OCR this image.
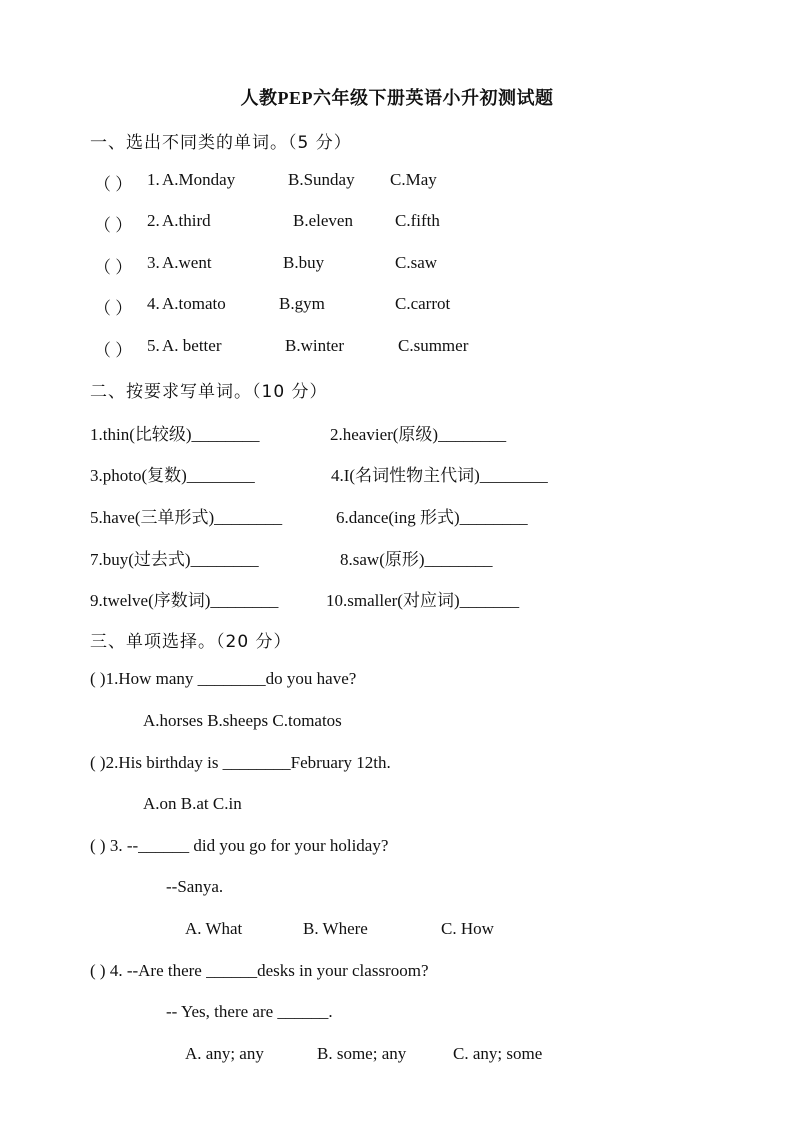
人教PEP六年级下册英语小升初测试题
一、选出不同类的单词。（5 分）
（ ） 1. A.Monday	B.Sunday C.May
（ ） 2. A.third	B.eleven C.fifth
（ ） 3. A.went	B.buy	C.saw
（ ） 4. A.tomato	B.gym	C.carrot
（ ） 5. A. better	B.winter	C.summer
二、按要求写单词。（10 分）
1.thin(比较级)________	2.heavier(原级)________
3.photo(复数)________	4.I(名词性物主代词)________
5.have(三单形式)________	6.dance(ing 形式)________
7.buy(过去式)________	8.saw(原形)________
9.twelve(序数词)________	10.smaller(对应词)_______
三、单项选择。（20 分）
( )1.How many ________do you have?
A.horses B.sheeps C.tomatos
( )2.His birthday is ________February 12th.
A.on B.at C.in
( ) 3. --______ did you go for your holiday?
--Sanya.
A. What	B. Where	C. How
( ) 4. --Are there ______desks in your classroom?
-- Yes, there are ______.
A. any; any	B. some; any	C. any; some
